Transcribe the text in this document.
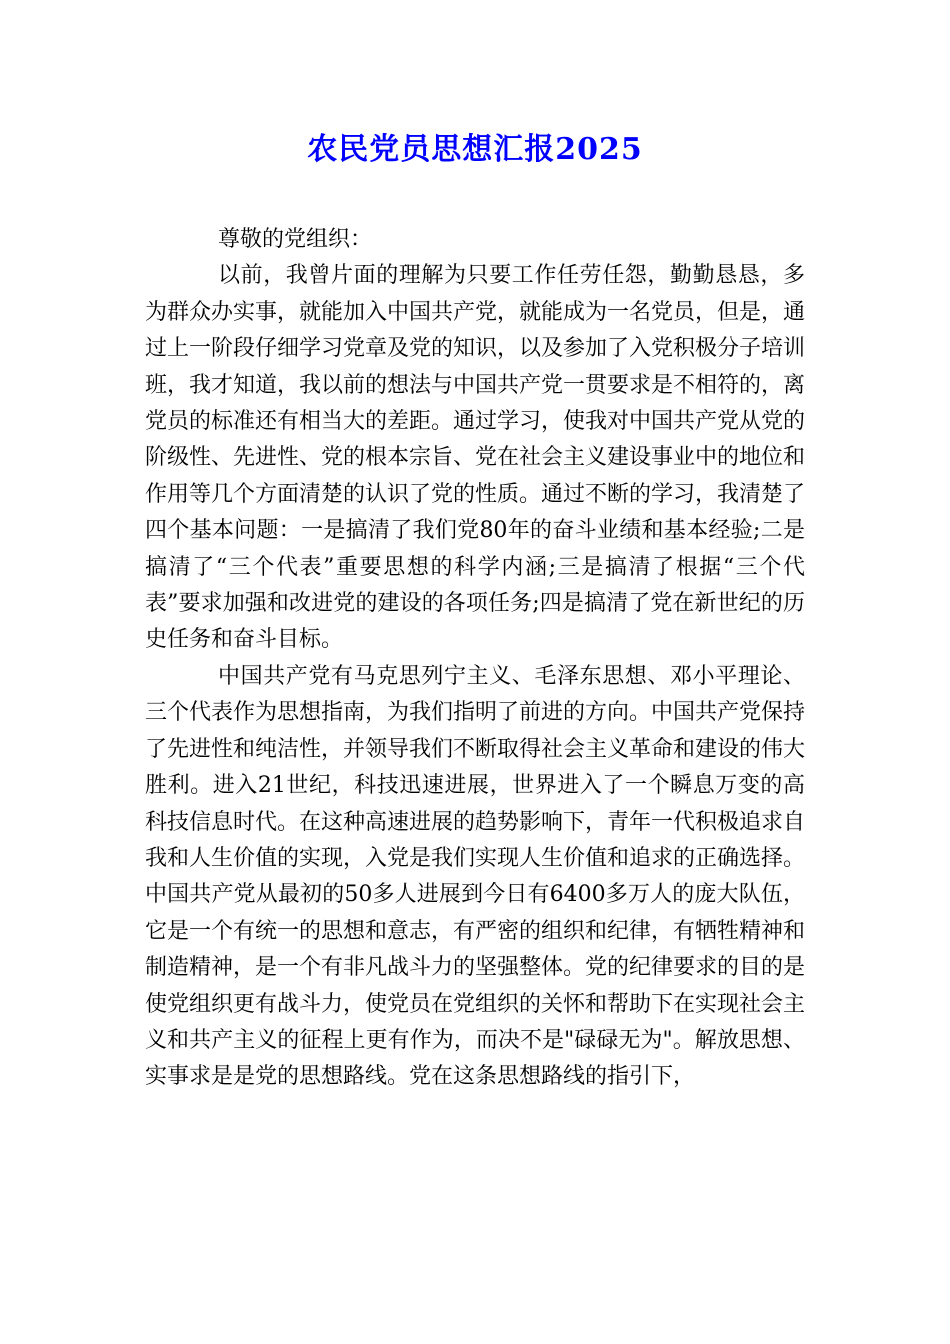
农民党员思想汇报2025
尊敬的党组织：

以前，我曾片面的理解为只要工作任劳任怨，勤勤恳恳，多为群众办实事，就能加入中国共产党，就能成为一名党员，但是，通过上一阶段仔细学习党章及党的知识，以及参加了入党积极分子培训班，我才知道，我以前的想法与中国共产党一贯要求是不相符的，离党员的标准还有相当大的差距。通过学习，使我对中国共产党从党的阶级性、先进性、党的根本宗旨、党在社会主义建设事业中的地位和作用等几个方面清楚的认识了党的性质。通过不断的学习，我清楚了四个基本问题：一是搞清了我们党80年的奋斗业绩和基本经验;二是搞清了“三个代表”重要思想的科学内涵;三是搞清了根据“三个代表”要求加强和改进党的建设的各项任务;四是搞清了党在新世纪的历史任务和奋斗目标。

中国共产党有马克思列宁主义、毛泽东思想、邓小平理论、三个代表作为思想指南，为我们指明了前进的方向。中国共产党保持了先进性和纯洁性，并领导我们不断取得社会主义革命和建设的伟大胜利。进入21世纪，科技迅速进展，世界进入了一个瞬息万变的高科技信息时代。在这种高速进展的趋势影响下，青年一代积极追求自我和人生价值的实现，入党是我们实现人生价值和追求的正确选择。中国共产党从最初的50多人进展到今日有6400多万人的庞大队伍，它是一个有统一的思想和意志，有严密的组织和纪律，有牺牲精神和制造精神，是一个有非凡战斗力的坚强整体。党的纪律要求的目的是使党组织更有战斗力，使党员在党组织的关怀和帮助下在实现社会主义和共产主义的征程上更有作为，而决不是"碌碌无为"。解放思想、实事求是是党的思想路线。党在这条思想路线的指引下，
